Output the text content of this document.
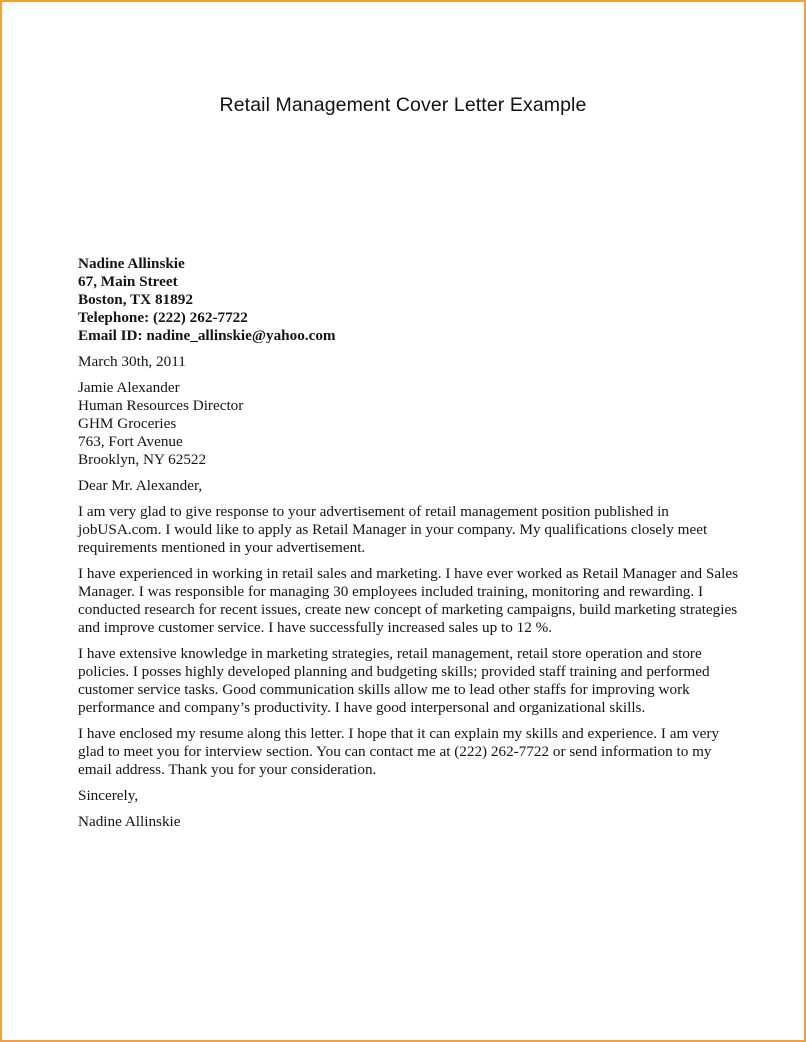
Retail Management Cover Letter Example
Nadine Allinskie
67, Main Street
Boston, TX 81892
Telephone: (222) 262-7722
Email ID: nadine_allinskie@yahoo.com
March 30th, 2011
Jamie Alexander
Human Resources Director
GHM Groceries
763, Fort Avenue
Brooklyn, NY 62522
Dear Mr. Alexander,
I am very glad to give response to your advertisement of retail management position published in jobUSA.com. I would like to apply as Retail Manager in your company. My qualifications closely meet requirements mentioned in your advertisement.
I have experienced in working in retail sales and marketing. I have ever worked as Retail Manager and Sales Manager. I was responsible for managing 30 employees included training, monitoring and rewarding. I conducted research for recent issues, create new concept of marketing campaigns, build marketing strategies and improve customer service. I have successfully increased sales up to 12 %.
I have extensive knowledge in marketing strategies, retail management, retail store operation and store policies. I posses highly developed planning and budgeting skills; provided staff training and performed customer service tasks. Good communication skills allow me to lead other staffs for improving work performance and company’s productivity. I have good interpersonal and organizational skills.
I have enclosed my resume along this letter. I hope that it can explain my skills and experience. I am very glad to meet you for interview section. You can contact me at (222) 262-7722 or send information to my email address. Thank you for your consideration.
Sincerely,
Nadine Allinskie
